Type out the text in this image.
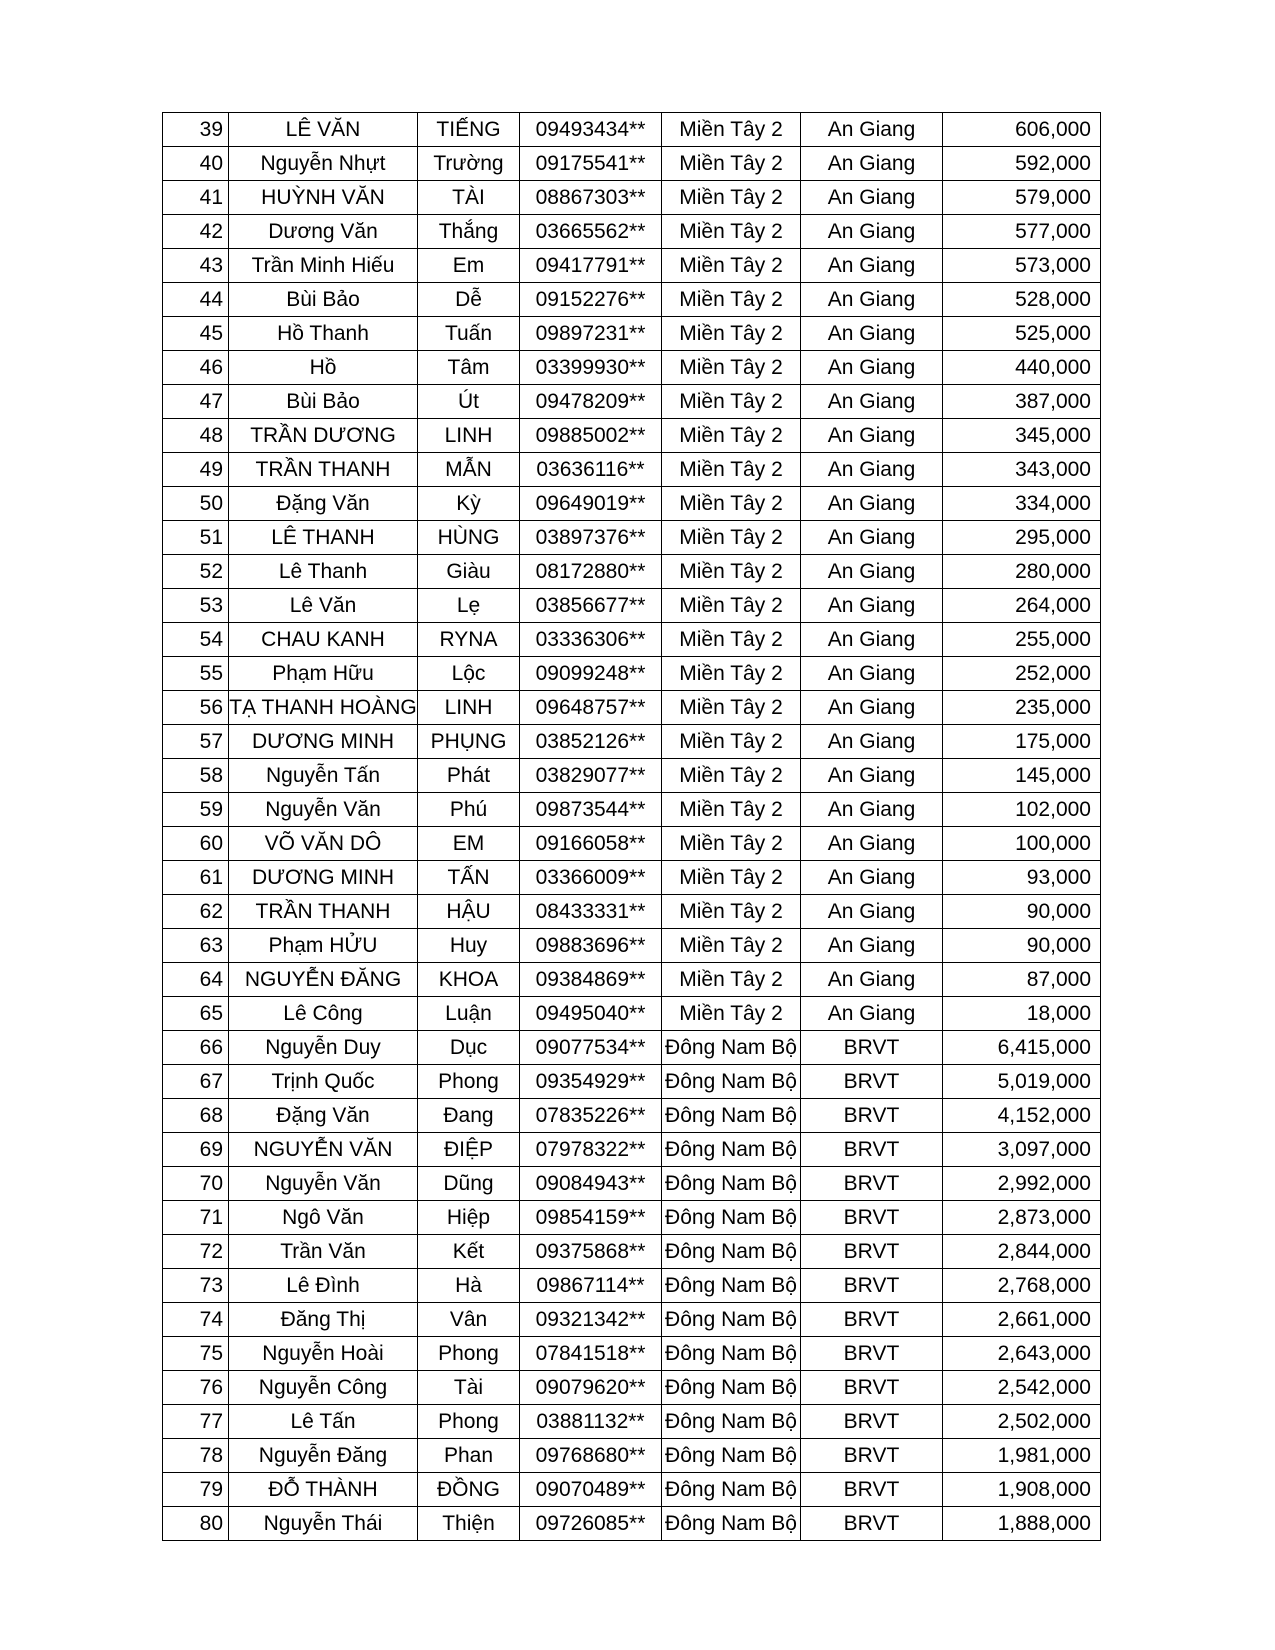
39	LÊ VĂN	TIẾNG	09493434**	Miền Tây 2	An Giang	606,000
40	Nguyễn Nhựt	Trường	09175541**	Miền Tây 2	An Giang	592,000
41	HUỲNH VĂN	TÀI	08867303**	Miền Tây 2	An Giang	579,000
42	Dương Văn	Thắng	03665562**	Miền Tây 2	An Giang	577,000
43	Trần Minh Hiếu	Em	09417791**	Miền Tây 2	An Giang	573,000
44	Bùi Bảo	Dễ	09152276**	Miền Tây 2	An Giang	528,000
45	Hồ Thanh	Tuấn	09897231**	Miền Tây 2	An Giang	525,000
46	Hồ	Tâm	03399930**	Miền Tây 2	An Giang	440,000
47	Bùi Bảo	Út	09478209**	Miền Tây 2	An Giang	387,000
48	TRẦN DƯƠNG	LINH	09885002**	Miền Tây 2	An Giang	345,000
49	TRẦN THANH	MẪN	03636116**	Miền Tây 2	An Giang	343,000
50	Đặng Văn	Kỳ	09649019**	Miền Tây 2	An Giang	334,000
51	LÊ THANH	HÙNG	03897376**	Miền Tây 2	An Giang	295,000
52	Lê Thanh	Giàu	08172880**	Miền Tây 2	An Giang	280,000
53	Lê Văn	Lẹ	03856677**	Miền Tây 2	An Giang	264,000
54	CHAU KANH	RYNA	03336306**	Miền Tây 2	An Giang	255,000
55	Phạm Hữu	Lộc	09099248**	Miền Tây 2	An Giang	252,000
56	TẠ THANH HOÀNG	LINH	09648757**	Miền Tây 2	An Giang	235,000
57	DƯƠNG MINH	PHỤNG	03852126**	Miền Tây 2	An Giang	175,000
58	Nguyễn Tấn	Phát	03829077**	Miền Tây 2	An Giang	145,000
59	Nguyễn Văn	Phú	09873544**	Miền Tây 2	An Giang	102,000
60	VÕ VĂN DÔ	EM	09166058**	Miền Tây 2	An Giang	100,000
61	DƯƠNG MINH	TẤN	03366009**	Miền Tây 2	An Giang	93,000
62	TRẦN THANH	HẬU	08433331**	Miền Tây 2	An Giang	90,000
63	Phạm HỬU	Huy	09883696**	Miền Tây 2	An Giang	90,000
64	NGUYỄN ĐĂNG	KHOA	09384869**	Miền Tây 2	An Giang	87,000
65	Lê Công	Luận	09495040**	Miền Tây 2	An Giang	18,000
66	Nguyễn Duy	Dục	09077534**	Đông Nam Bộ	BRVT	6,415,000
67	Trịnh Quốc	Phong	09354929**	Đông Nam Bộ	BRVT	5,019,000
68	Đặng Văn	Đang	07835226**	Đông Nam Bộ	BRVT	4,152,000
69	NGUYỄN VĂN	ĐIỆP	07978322**	Đông Nam Bộ	BRVT	3,097,000
70	Nguyễn Văn	Dũng	09084943**	Đông Nam Bộ	BRVT	2,992,000
71	Ngô Văn	Hiệp	09854159**	Đông Nam Bộ	BRVT	2,873,000
72	Trần Văn	Kết	09375868**	Đông Nam Bộ	BRVT	2,844,000
73	Lê Đình	Hà	09867114**	Đông Nam Bộ	BRVT	2,768,000
74	Đăng Thị	Vân	09321342**	Đông Nam Bộ	BRVT	2,661,000
75	Nguyễn Hoài	Phong	07841518**	Đông Nam Bộ	BRVT	2,643,000
76	Nguyễn Công	Tài	09079620**	Đông Nam Bộ	BRVT	2,542,000
77	Lê Tấn	Phong	03881132**	Đông Nam Bộ	BRVT	2,502,000
78	Nguyễn Đăng	Phan	09768680**	Đông Nam Bộ	BRVT	1,981,000
79	ĐỖ THÀNH	ĐỒNG	09070489**	Đông Nam Bộ	BRVT	1,908,000
80	Nguyễn Thái	Thiện	09726085**	Đông Nam Bộ	BRVT	1,888,000
